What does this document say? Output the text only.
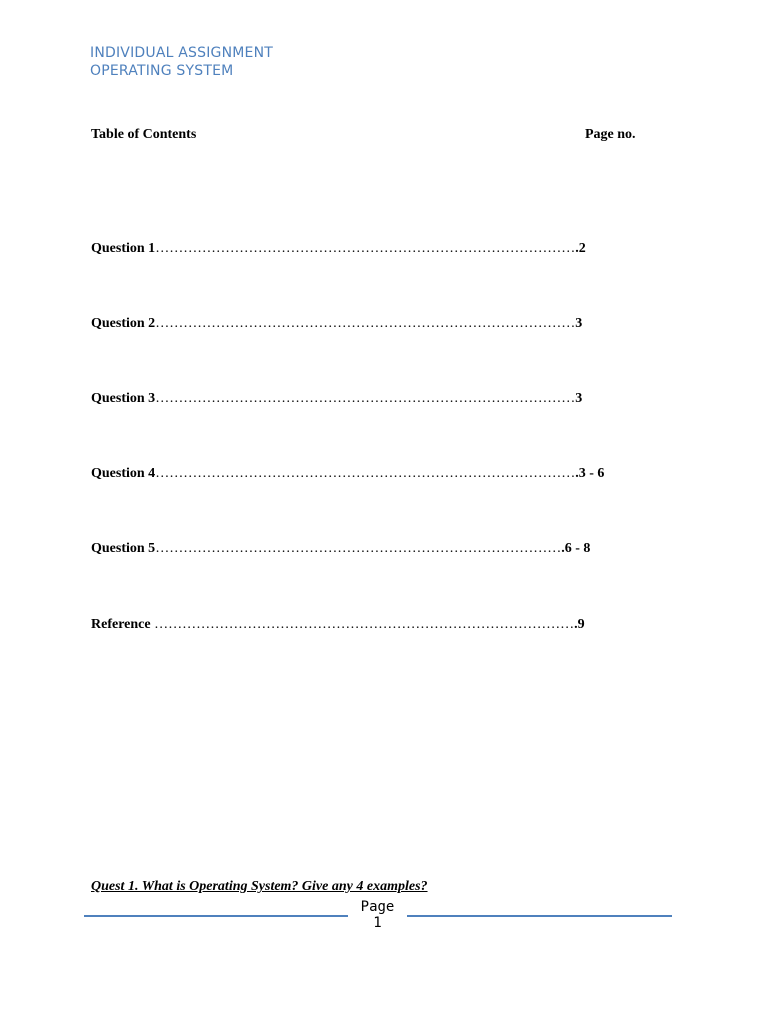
INDIVIDUAL ASSIGNMENT
OPERATING SYSTEM
Table of Contents	Page no.
Question 1……………………………………………………………………………….2
Question 2………………………………………………………………………………3
Question 3………………………………………………………………………………3
Question 4……………………………………………………………………………….3 - 6
Question 5…………………………………………………………………………….6 - 8
Reference ……………………………………………………………………………….9
Quest 1. What is Operating System? Give any 4 examples?
Page
1
